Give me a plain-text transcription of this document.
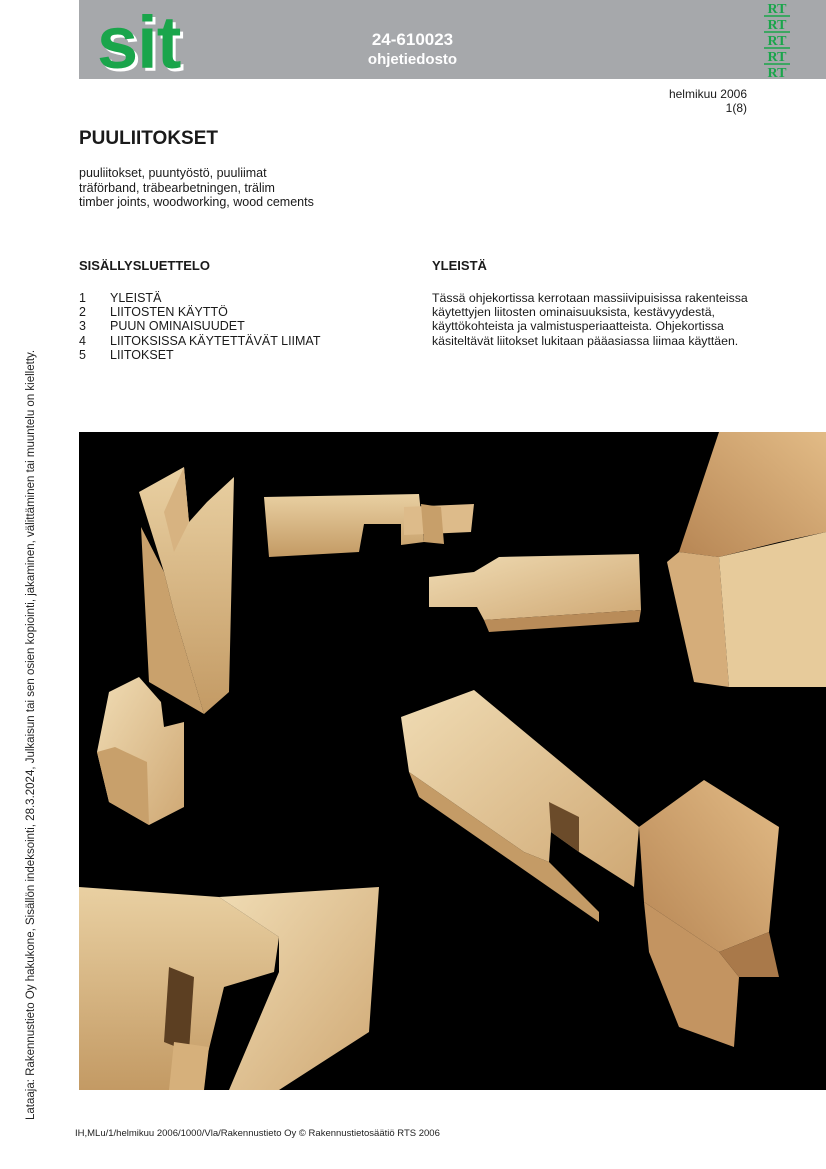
sit	24-610023
ohjetiedosto
RT
RT
RT
RT
RT
helmikuu 2006
1(8)
PUULIITOKSET
puuliitokset, puuntyöstö, puuliimat
träförband, träbearbetningen, trälim
timber joints, woodworking, wood cements
SISÄLLYSLUETTELO
1	YLEISTÄ
2	LIITOSTEN KÄYTTÖ
3	PUUN OMINAISUUDET
4	LIITOKSISSA KÄYTETTÄVÄT LIIMAT
5	LIITOKSET
YLEISTÄ

Tässä ohjekortissa kerrotaan massiivipuisissa rakenteissa käytettyjen liitosten ominaisuuksista, kestävyydestä, käyttökohteista ja valmistusperiaatteista. Ohjekortissa käsiteltävät liitokset lukitaan pääasiassa liimaa käyttäen.

Lataaja: Rakennustieto Oy hakukone, Sisällön indeksointi, 28.3.2024, Julkaisun tai sen osien kopiointi, jakaminen, välittäminen tai muuntelu on kielletty.
IH,MLu/1/helmikuu 2006/1000/Vla/Rakennustieto Oy © Rakennustietosäätiö RTS 2006
